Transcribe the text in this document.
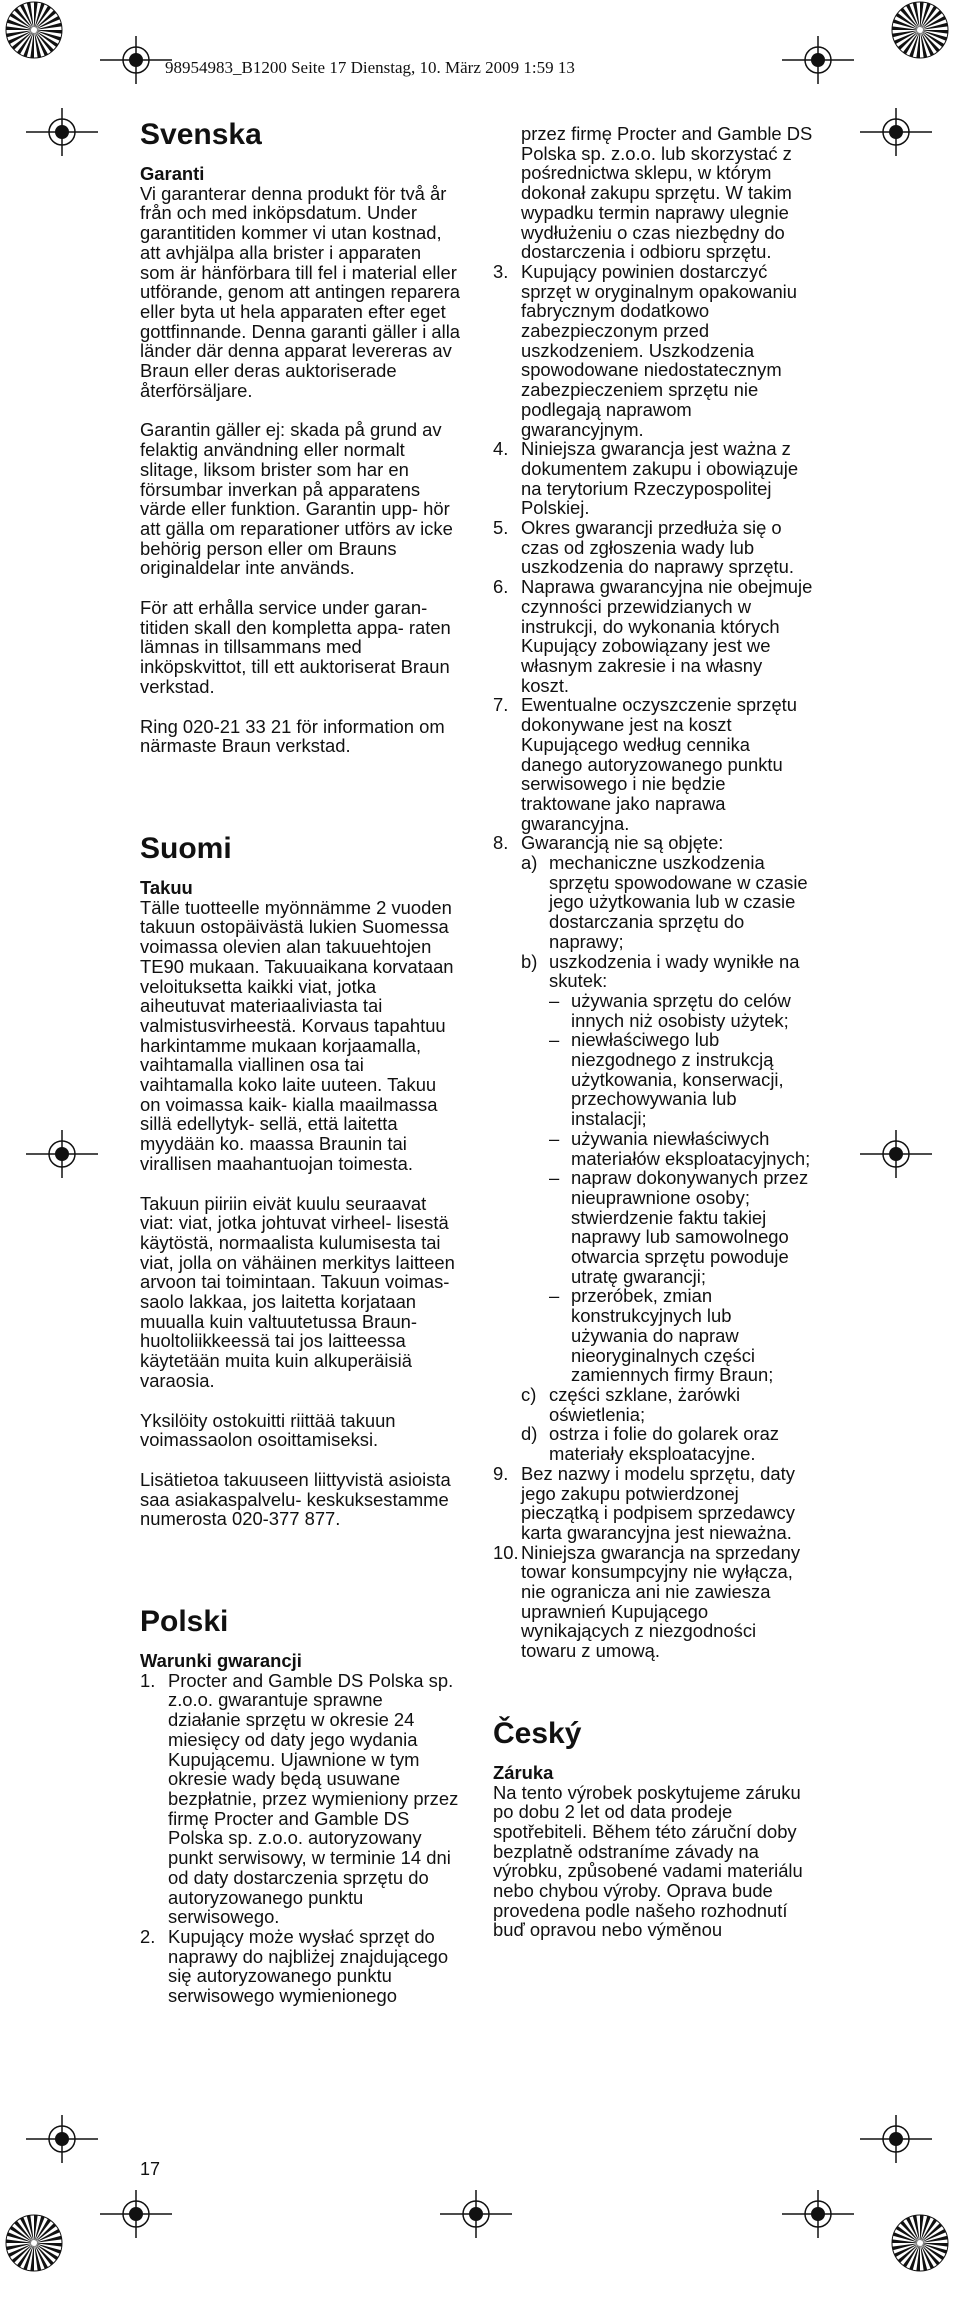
98954983_B1200 Seite 17 Dienstag, 10. März 2009 1:59 13
Svenska

Garanti

Vi garanterar denna produkt för två år från och med inköpsdatum. Under garantitiden kommer vi utan kostnad, att avhjälpa alla brister i apparaten som är hänförbara till fel i material eller utförande, genom att antingen reparera eller byta ut hela apparaten efter eget gottfinnande. Denna garanti gäller i alla länder där denna apparat levereras av Braun eller deras auktoriserade återförsäljare.

Garantin gäller ej: skada på grund av felaktig användning eller normalt slitage, liksom brister som har en försumbar inverkan på apparatens värde eller funktion. Garantin upp- hör att gälla om reparationer utförs av icke behörig person eller om Brauns originaldelar inte används.

För att erhålla service under garan- titiden skall den kompletta appa- raten lämnas in tillsammans med inköpskvittot, till ett auktoriserat Braun verkstad.

Ring 020-21 33 21 för information om närmaste Braun verkstad.

Suomi

Takuu

Tälle tuotteelle myönnämme 2 vuoden takuun ostopäivästä lukien Suomessa voimassa olevien alan takuuehtojen TE90 mukaan. Takuuaikana korvataan veloituksetta kaikki viat, jotka aiheutuvat materiaaliviasta tai valmistusvirheestä. Korvaus tapahtuu harkintamme mukaan korjaamalla, vaihtamalla viallinen osa tai vaihtamalla koko laite uuteen. Takuu on voimassa kaik- kialla maailmassa sillä edellytyk- sellä, että laitetta myydään ko. maassa Braunin tai virallisen maahantuojan toimesta.

Takuun piiriin eivät kuulu seuraavat viat: viat, jotka johtuvat virheel- lisestä käytöstä, normaalista kulumisesta tai viat, jolla on vähäinen merkitys laitteen arvoon tai toimintaan. Takuun voimas- saolo lakkaa, jos laitetta korjataan muualla kuin valtuutetussa Braun- huoltoliikkeessä tai jos laitteessa käytetään muita kuin alkuperäisiä varaosia.

Yksilöity ostokuitti riittää takuun voimassaolon osoittamiseksi.

Lisätietoa takuuseen liittyvistä asioista saa asiakaspalvelu- keskuksestamme numerosta 020-377 877.

Polski

Warunki gwarancji

1. Procter and Gamble DS Polska sp. z.o.o. gwarantuje sprawne działanie sprzętu w okresie 24 miesięcy od daty jego wydania Kupującemu. Ujawnione w tym okresie wady będą usuwane bezpłatnie, przez wymieniony przez firmę Procter and Gamble DS Polska sp. z.o.o. autoryzowany punkt serwisowy, w terminie 14 dni od daty dostarczenia sprzętu do autoryzowanego punktu serwisowego.
2. Kupujący może wysłać sprzęt do naprawy do najbliżej znajdującego się autoryzowanego punktu serwisowego wymienionego
przez firmę Procter and Gamble DS Polska sp. z.o.o. lub skorzystać z pośrednictwa sklepu, w którym dokonał zakupu sprzętu. W takim wypadku termin naprawy ulegnie wydłużeniu o czas niezbędny do dostarczenia i odbioru sprzętu.
3. Kupujący powinien dostarczyć sprzęt w oryginalnym opakowaniu fabrycznym dodatkowo zabezpieczonym przed uszkodzeniem. Uszkodzenia spowodowane niedostatecznym zabezpieczeniem sprzętu nie podlegają naprawom gwarancyjnym.
4. Niniejsza gwarancja jest ważna z dokumentem zakupu i obowiązuje na terytorium Rzeczypospolitej Polskiej.
5. Okres gwarancji przedłuża się o czas od zgłoszenia wady lub uszkodzenia do naprawy sprzętu.
6. Naprawa gwarancyjna nie obejmuje czynności przewidzianych w instrukcji, do wykonania których Kupujący zobowiązany jest we własnym zakresie i na własny koszt.
7. Ewentualne oczyszczenie sprzętu dokonywane jest na koszt Kupującego według cennika danego autoryzowanego punktu serwisowego i nie będzie traktowane jako naprawa gwarancyjna.
8. Gwarancją nie są objęte:
a) mechaniczne uszkodzenia sprzętu spowodowane w czasie jego użytkowania lub w czasie dostarczania sprzętu do naprawy;
b) uszkodzenia i wady wynikłe na skutek:
– używania sprzętu do celów innych niż osobisty użytek;
– niewłaściwego lub niezgodnego z instrukcją użytkowania, konserwacji, przechowywania lub instalacji;
– używania niewłaściwych materiałów eksploatacyjnych;
– napraw dokonywanych przez nieuprawnione osoby; stwierdzenie faktu takiej naprawy lub samowolnego otwarcia sprzętu powoduje utratę gwarancji;
– przeróbek, zmian konstrukcyjnych lub używania do napraw nieoryginalnych części zamiennych firmy Braun;
c) części szklane, żarówki oświetlenia;
d) ostrza i folie do golarek oraz materiały eksploatacyjne.
9. Bez nazwy i modelu sprzętu, daty jego zakupu potwierdzonej pieczątką i podpisem sprzedawcy karta gwarancyjna jest nieważna.
10. Niniejsza gwarancja na sprzedany towar konsumpcyjny nie wyłącza, nie ogranicza ani nie zawiesza uprawnień Kupującego wynikających z niezgodności towaru z umową.
Český

Záruka

Na tento výrobek poskytujeme záruku po dobu 2 let od data prodeje spotřebiteli. Během této záruční doby bezplatně odstraníme závady na výrobku, způsobené vadami materiálu nebo chybou výroby. Oprava bude provedena podle našeho rozhodnutí buď opravou nebo výměnou

17
